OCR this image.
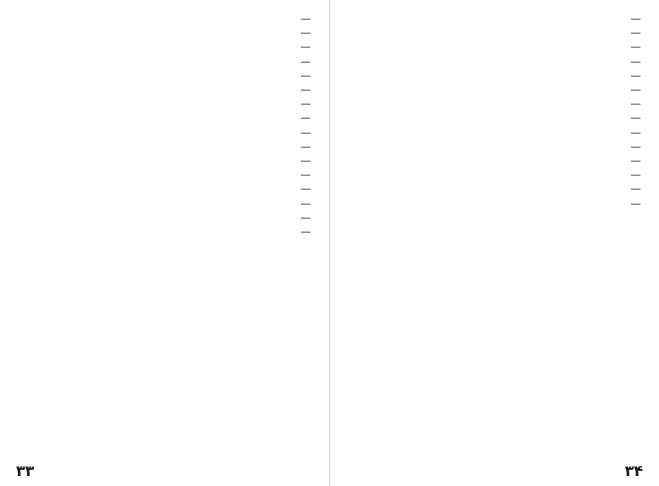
—

—

—

—

—

—

—

—

—

—

—

—

—

—

—

—

۳۳

—

—

—

—

—

—

—

—

—

—

—

—

—

—

۳۴
